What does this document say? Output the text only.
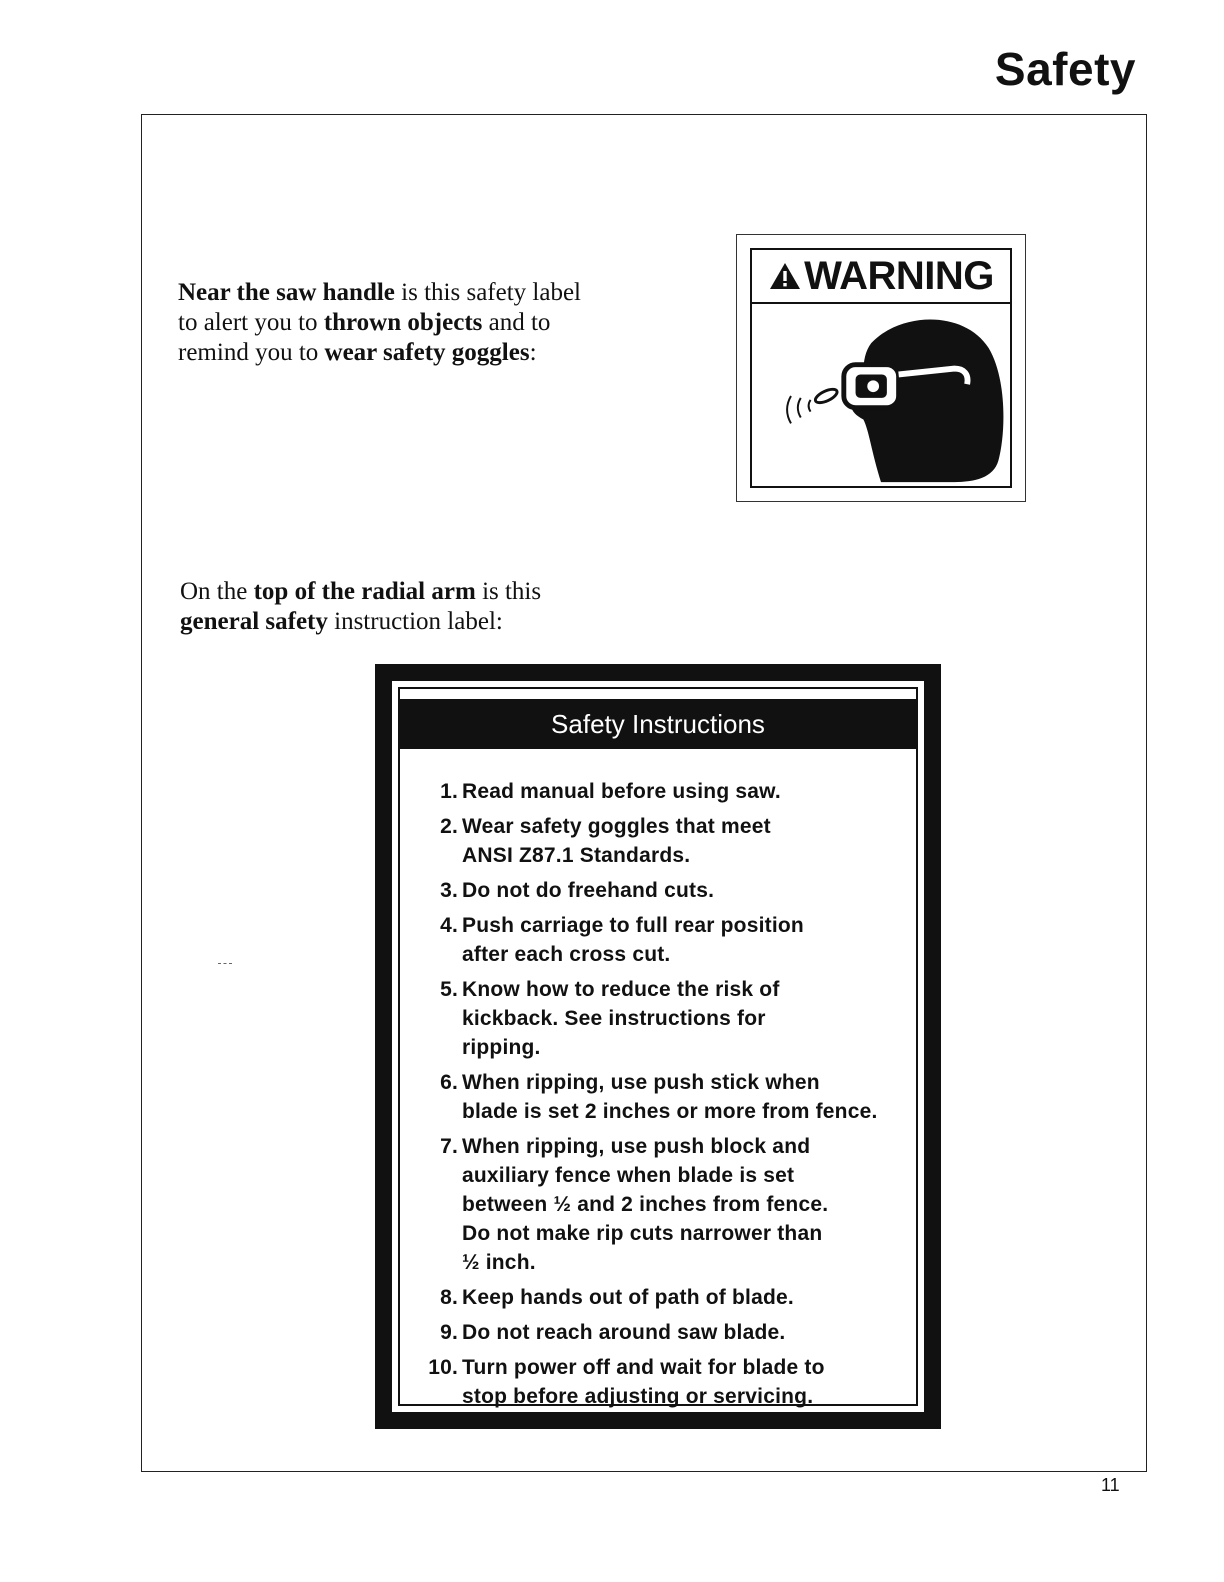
Safety
Near the saw handle is this safety label
to alert you to thrown objects and to
remind you to wear safety goggles:
WARNING
On the top of the radial arm is this
general safety instruction label:
Safety Instructions
1. Read manual before using saw.
2. Wear safety goggles that meet
ANSI Z87.1 Standards.
3. Do not do freehand cuts.
4. Push carriage to full rear position
after each cross cut.
5. Know how to reduce the risk of
kickback. See instructions for
ripping.
6. When ripping, use push stick when
blade is set 2 inches or more from fence.
7. When ripping, use push block and
auxiliary fence when blade is set
between ½ and 2 inches from fence.
Do not make rip cuts narrower than
½ inch.
8. Keep hands out of path of blade.
9. Do not reach around saw blade.
10. Turn power off and wait for blade to
stop before adjusting or servicing.
11
